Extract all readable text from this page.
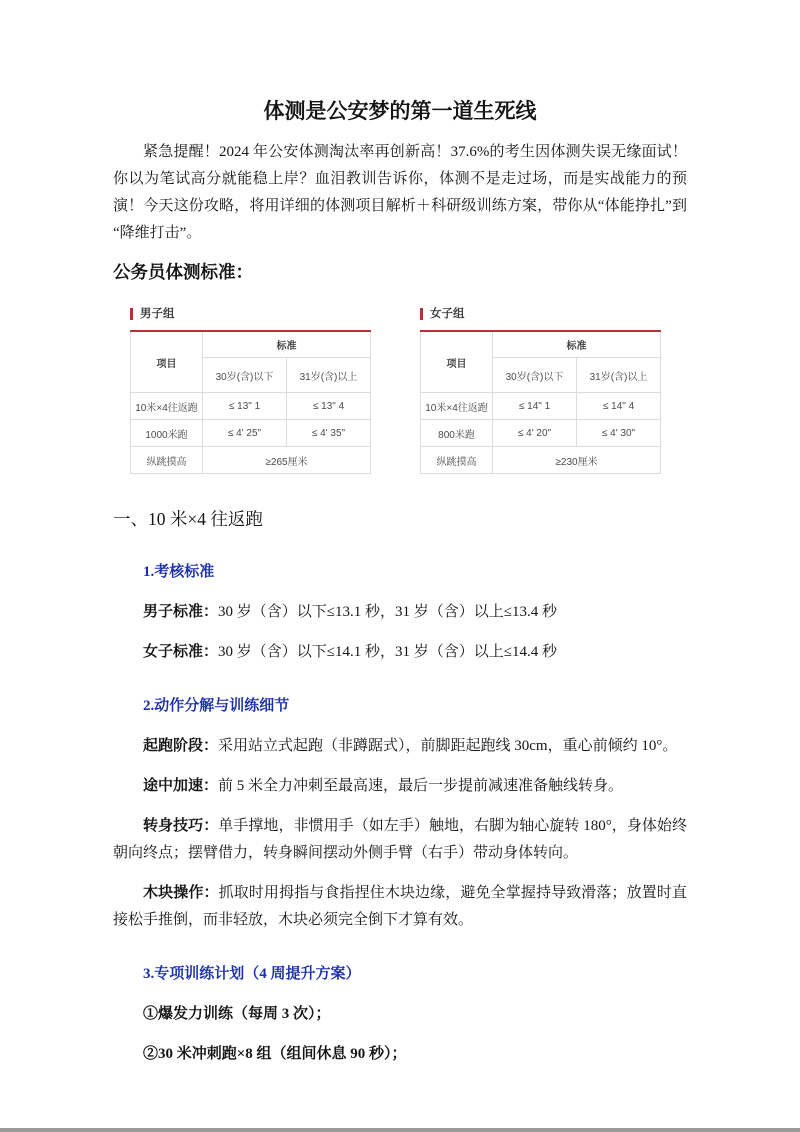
体测是公安梦的第一道生死线

紧急提醒！2024 年公安体测淘汰率再创新高！37.6%的考生因体测失误无缘面试！你以为笔试高分就能稳上岸？血泪教训告诉你，体测不是走过场，而是实战能力的预演！今天这份攻略，将用详细的体测项目解析＋科研级训练方案，带你从“体能挣扎”到“降维打击”。

公务员体测标准：
男子组
项目	标准	
	30岁(含)以下	31岁(含)以上
10米×4往返跑	≤ 13" 1	≤ 13" 4
1000米跑	≤ 4' 25"	≤ 4' 35"
纵跳摸高	≥265厘米	
女子组
项目	标准	
	30岁(含)以下	31岁(含)以上
10米×4往返跑	≤ 14" 1	≤ 14" 4
800米跑	≤ 4' 20"	≤ 4' 30"
纵跳摸高	≥230厘米	
一、10 米×4 往返跑
1.考核标准

男子标准：30 岁（含）以下≤13.1 秒，31 岁（含）以上≤13.4 秒

女子标准：30 岁（含）以下≤14.1 秒，31 岁（含）以上≤14.4 秒

2.动作分解与训练细节

起跑阶段：采用站立式起跑（非蹲踞式），前脚距起跑线 30cm，重心前倾约 10°。

途中加速：前 5 米全力冲刺至最高速，最后一步提前减速准备触线转身。

转身技巧：单手撑地，非惯用手（如左手）触地，右脚为轴心旋转 180°，身体始终朝向终点；摆臂借力，转身瞬间摆动外侧手臂（右手）带动身体转向。

木块操作：抓取时用拇指与食指捏住木块边缘，避免全掌握持导致滑落；放置时直接松手推倒，而非轻放，木块必须完全倒下才算有效。

3.专项训练计划（4 周提升方案）

①爆发力训练（每周 3 次）；

②30 米冲刺跑×8 组（组间休息 90 秒）；
